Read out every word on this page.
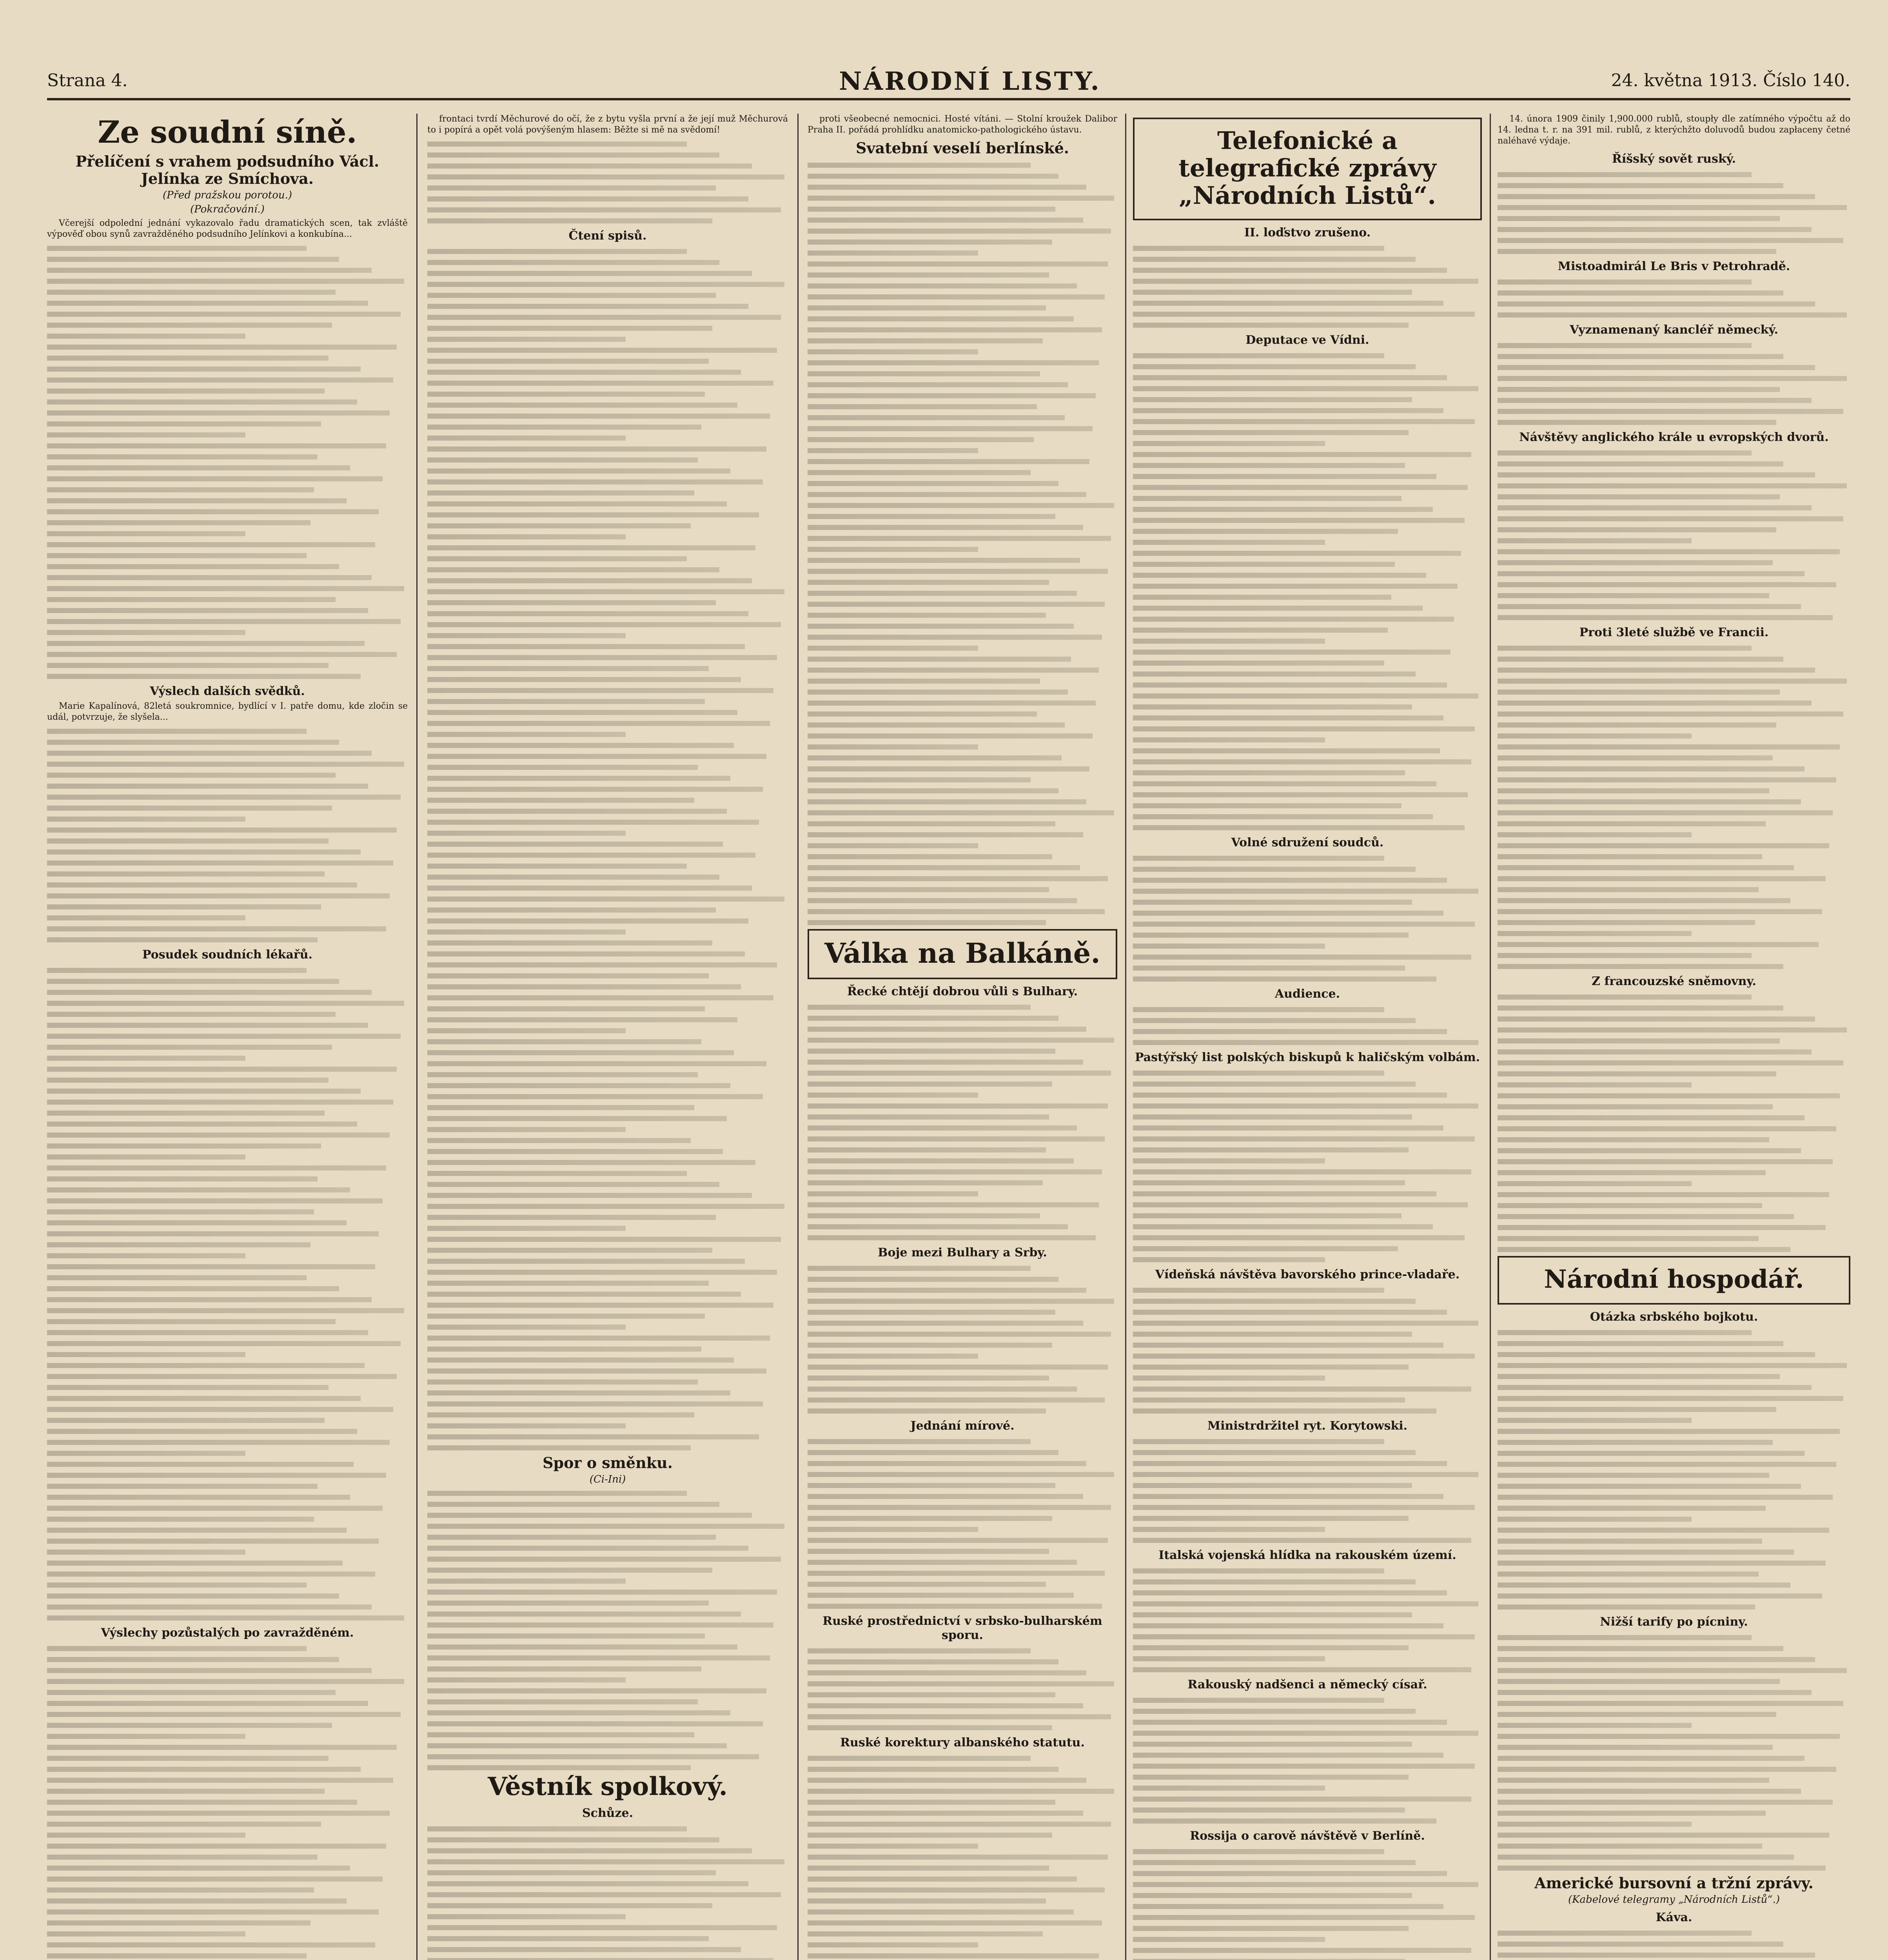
Strana 4.	NÁRODNÍ LISTY.	24. května 1913. Číslo 140.
Ze soudní síně.
Přelíčení s vrahem podsudního Václ. Jelínka ze Smíchova.
(Před pražskou porotou.)
(Pokračování.)

Včerejší odpolední jednání vykazovalo řadu dramatických scen, tak zvláště výpověď obou synů zavražděného podsudního Jelínkovi a konkubína...

Výslech dalších svědků.

Marie Kapalínová, 82letá soukromnice, bydlící v I. patře domu, kde zločin se udál, potvrzuje, že slyšela...

Posudek soudních lékařů.
Výslechy pozůstalých po zavražděném.

frontaci tvrdí Měchurové do očí, že z bytu vyšla první a že její muž Měchurová to i popírá a opět volá povýšeným hlasem: Běžte si mě na svědomí!

Čtení spisů.
Spor o směnku.
(Ci-Ini)
Věstník spolkový.
Schůze.

proti všeobecné nemocnici. Hosté vítáni. — Stolní kroužek Dalibor Praha II. pořádá prohlídku anatomicko-pathologického ústavu.

Svatební veselí berlínské.
Válka na Balkáně.
Řecké chtějí dobrou vůli s Bulhary.
Boje mezi Bulhary a Srby.
Jednání mírové.
Ruské prostřednictví v srbsko-bulharském sporu.
Ruské korektury albanského statutu.
Telefonické a telegrafické zprávy „Národních Listů“.
II. loďstvo zrušeno.
Deputace ve Vídni.
Volné sdružení soudců.
Audience.
Pastýřský list polských biskupů k haličským volbám.
Vídeňská návštěva bavorského prince-vladaře.
Ministrdržitel ryt. Korytowski.
Italská vojenská hlídka na rakouském území.
Rakouský nadšenci a německý císař.
Rossija o carově návštěvě v Berlíně.

14. února 1909 činily 1,900.000 rublů, stoupły dle zatímného výpočtu až do 14. ledna t. r. na 391 mil. rublů, z kterýchžto doluvodů budou zapłaceny četné naléhavé výdaje.

Říšský sovět ruský.
Mistoadmirál Le Bris v Petrohradě.
Vyznamenaný kancléř německý.
Návštěvy anglického krále u evropských dvorů.
Proti 3leté službě ve Francii.
Z francouzské sněmovny.
Národní hospodář.
Otázka srbského bojkotu.
Nižší tarify po pícniny.
Americké bursovní a tržní zprávy.
(Kabelové telegramy „Národních Listů“.)
Káva.
